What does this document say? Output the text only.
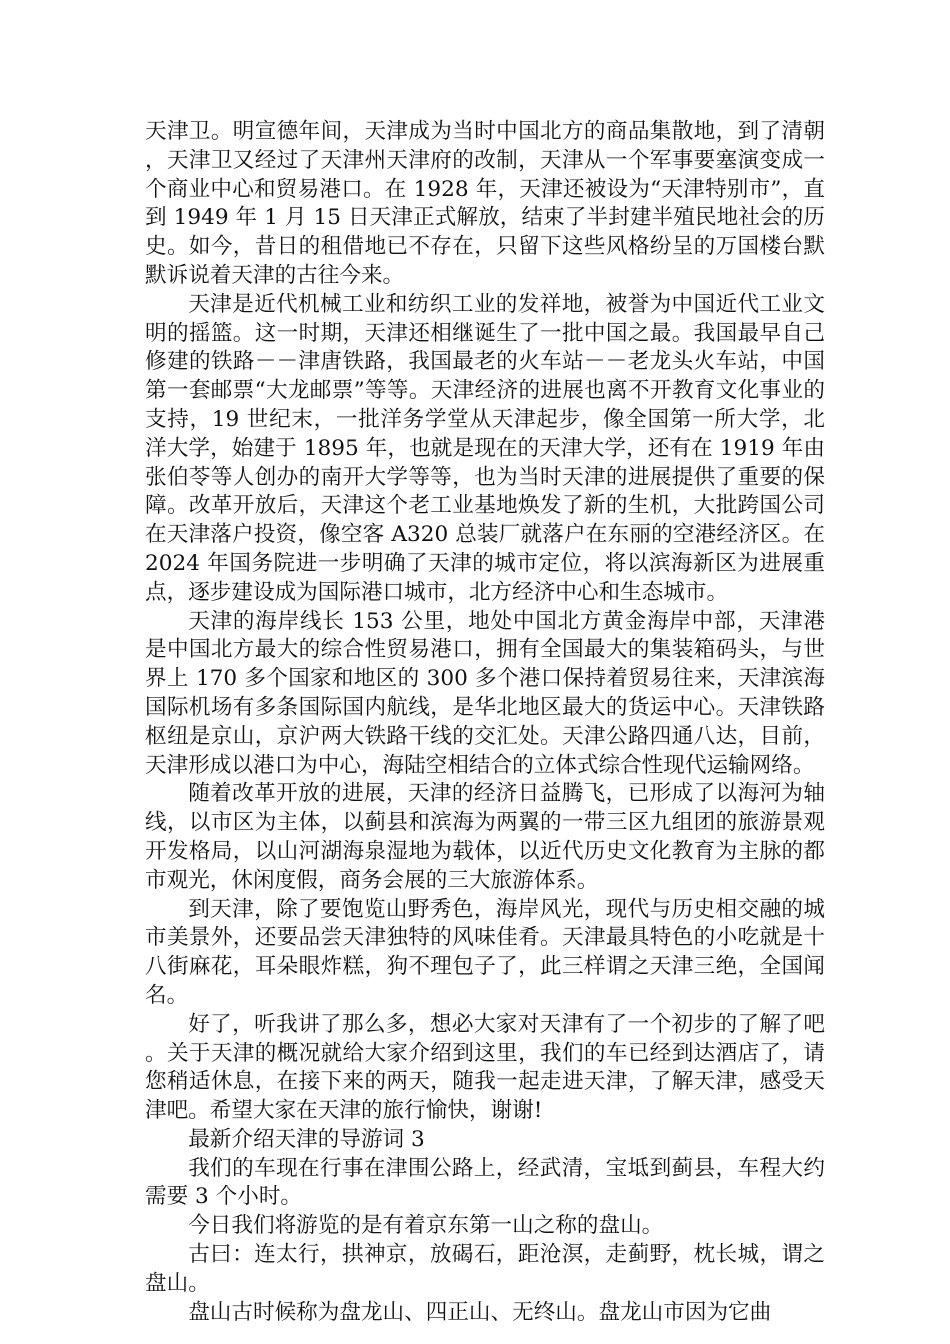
天津卫。明宣德年间，天津成为当时中国北方的商品集散地，到了清朝，天津卫又经过了天津州天津府的改制，天津从一个军事要塞演变成一个商业中心和贸易港口。在 1928 年，天津还被设为“天津特别市”，直到 1949 年 1 月 15 日天津正式解放，结束了半封建半殖民地社会的历史。如今，昔日的租借地已不存在，只留下这些风格纷呈的万国楼台默默诉说着天津的古往今来。

天津是近代机械工业和纺织工业的发祥地，被誉为中国近代工业文明的摇篮。这一时期，天津还相继诞生了一批中国之最。我国最早自己修建的铁路－－津唐铁路，我国最老的火车站－－老龙头火车站，中国第一套邮票“大龙邮票”等等。天津经济的进展也离不开教育文化事业的支持，19 世纪末，一批洋务学堂从天津起步，像全国第一所大学，北洋大学，始建于 1895 年，也就是现在的天津大学，还有在 1919 年由张伯苓等人创办的南开大学等等，也为当时天津的进展提供了重要的保障。改革开放后，天津这个老工业基地焕发了新的生机，大批跨国公司在天津落户投资，像空客 A320 总装厂就落户在东丽的空港经济区。在 2024 年国务院进一步明确了天津的城市定位，将以滨海新区为进展重点，逐步建设成为国际港口城市，北方经济中心和生态城市。

天津的海岸线长 153 公里，地处中国北方黄金海岸中部，天津港是中国北方最大的综合性贸易港口，拥有全国最大的集装箱码头，与世界上 170 多个国家和地区的 300 多个港口保持着贸易往来，天津滨海国际机场有多条国际国内航线，是华北地区最大的货运中心。天津铁路枢纽是京山，京沪两大铁路干线的交汇处。天津公路四通八达，目前，天津形成以港口为中心，海陆空相结合的立体式综合性现代运输网络。

随着改革开放的进展，天津的经济日益腾飞，已形成了以海河为轴线，以市区为主体，以蓟县和滨海为两翼的一带三区九组团的旅游景观开发格局，以山河湖海泉湿地为载体，以近代历史文化教育为主脉的都市观光，休闲度假，商务会展的三大旅游体系。

到天津，除了要饱览山野秀色，海岸风光，现代与历史相交融的城市美景外，还要品尝天津独特的风味佳肴。天津最具特色的小吃就是十八街麻花，耳朵眼炸糕，狗不理包子了，此三样谓之天津三绝，全国闻名。

好了，听我讲了那么多，想必大家对天津有了一个初步的了解了吧。关于天津的概况就给大家介绍到这里，我们的车已经到达酒店了，请您稍适休息，在接下来的两天，随我一起走进天津，了解天津，感受天津吧。希望大家在天津的旅行愉快，谢谢!

最新介绍天津的导游词 3

我们的车现在行事在津围公路上，经武清，宝坻到蓟县，车程大约需要 3 个小时。

今日我们将游览的是有着京东第一山之称的盘山。

古曰：连太行，拱神京，放碣石，距沧溟，走蓟野，枕长城，谓之盘山。

盘山古时候称为盘龙山、四正山、无终山。盘龙山市因为它曲
